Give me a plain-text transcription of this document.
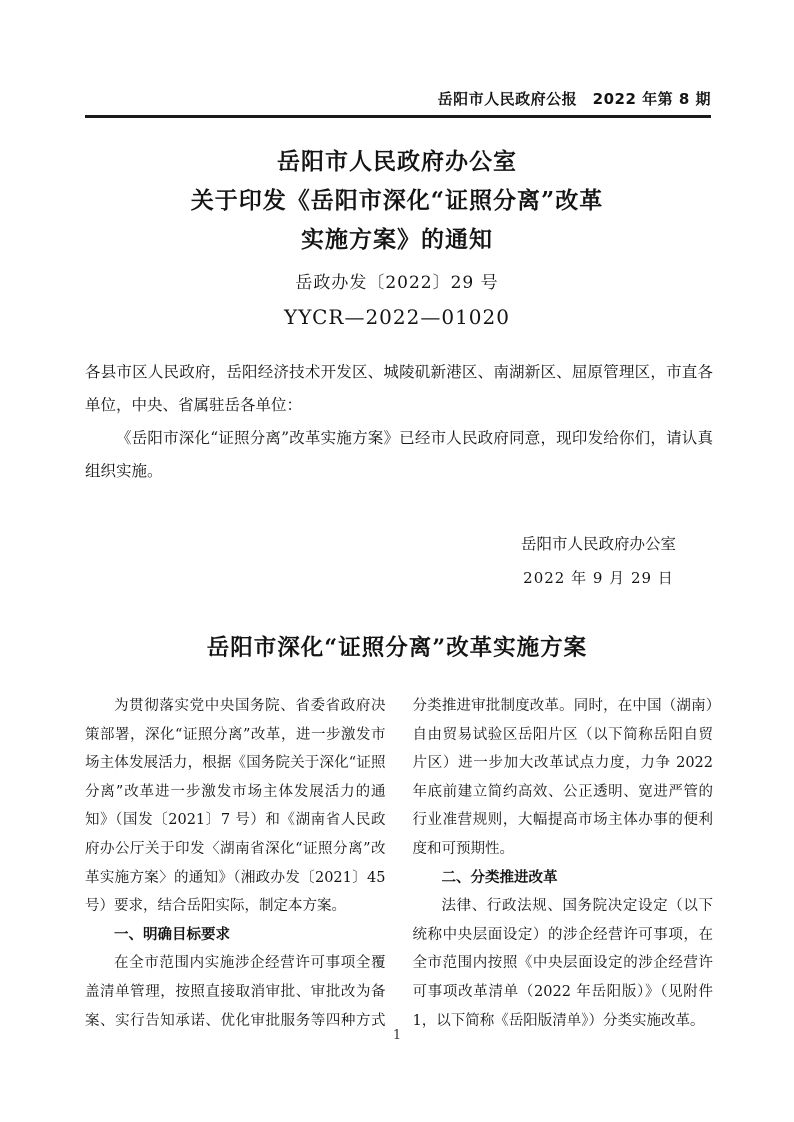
岳阳市人民政府公报　2022 年第 8 期
岳阳市人民政府办公室
关于印发《岳阳市深化“证照分离”改革
实施方案》的通知
岳政办发〔2022〕29 号
YYCR—2022—01020

各县市区人民政府，岳阳经济技术开发区、城陵矶新港区、南湖新区、屈原管理区，市直各单位，中央、省属驻岳各单位：

《岳阳市深化“证照分离”改革实施方案》已经市人民政府同意，现印发给你们，请认真组织实施。

岳阳市人民政府办公室
2022 年 9 月 29 日
岳阳市深化“证照分离”改革实施方案

为贯彻落实党中央国务院、省委省政府决策部署，深化“证照分离”改革，进一步激发市场主体发展活力，根据《国务院关于深化“证照分离”改革进一步激发市场主体发展活力的通知》（国发〔2021〕7 号）和《湖南省人民政府办公厅关于印发〈湖南省深化“证照分离”改革实施方案〉的通知》（湘政办发〔2021〕45 号）要求，结合岳阳实际，制定本方案。

一、明确目标要求

在全市范围内实施涉企经营许可事项全覆盖清单管理，按照直接取消审批、审批改为备案、实行告知承诺、优化审批服务等四种方式分类推进审批制度改革。同时，在中国（湖南）自由贸易试验区岳阳片区（以下简称岳阳自贸片区）进一步加大改革试点力度，力争 2022 年底前建立简约高效、公正透明、宽进严管的行业准营规则，大幅提高市场主体办事的便利度和可预期性。

二、分类推进改革

法律、行政法规、国务院决定设定（以下统称中央层面设定）的涉企经营许可事项，在全市范围内按照《中央层面设定的涉企经营许可事项改革清单（2022 年岳阳版）》（见附件 1，以下简称《岳阳版清单》）分类实施改革。

1
